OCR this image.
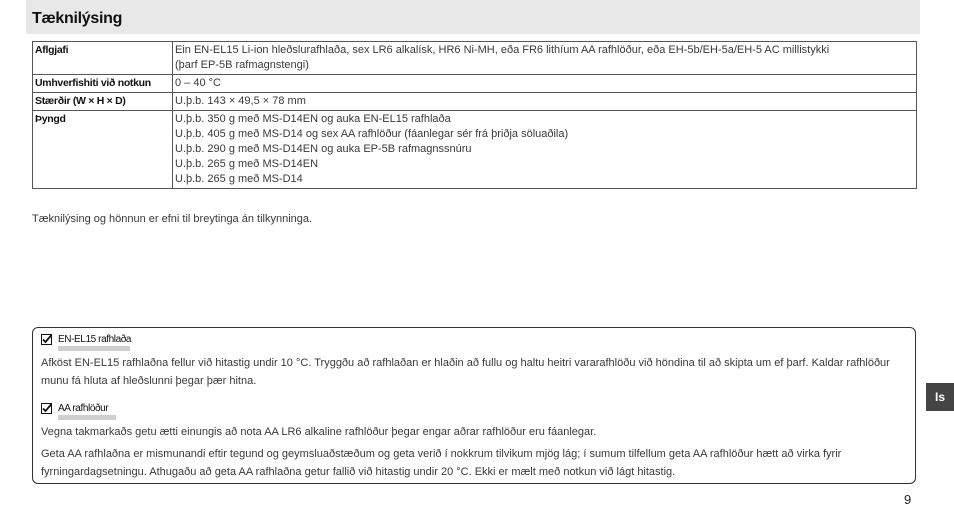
Tæknilýsing
Aflgjafi	Ein EN-EL15 Li-ion hleðslurafhlaða, sex LR6 alkalísk, HR6 Ni-MH, eða FR6 lithíum AA rafhlöður, eða EH-5b/EH-5a/EH-5 AC millistykki
(þarf EP-5B rafmagnstengi)

Umhverfishiti við notkun	0 – 40 °C

Stærðir (W × H × D)	U.þ.b. 143 × 49,5 × 78 mm

Þyngd	U.þ.b. 350 g með MS-D14EN og auka EN-EL15 rafhlaða
U.þ.b. 405 g með MS-D14 og sex AA rafhlöður (fáanlegar sér frá þriðja söluaðila)
U.þ.b. 290 g með MS-D14EN og auka EP-5B rafmagnssnúru
U.þ.b. 265 g með MS-D14EN
U.þ.b. 265 g með MS-D14
Tæknilýsing og hönnun er efni til breytinga án tilkynninga.
EN-EL15 rafhlaða
Afköst EN-EL15 rafhlaðna fellur við hitastig undir 10 °C. Tryggðu að rafhlaðan er hlaðin að fullu og haltu heitri vararafhlöðu við höndina til að skipta um ef þarf. Kaldar rafhlöður munu fá hluta af hleðslunni þegar þær hitna.
AA rafhlöður
Vegna takmarkaðs getu ætti einungis að nota AA LR6 alkaline rafhlöður þegar engar aðrar rafhlöður eru fáanlegar.
Geta AA rafhlaðna er mismunandi eftir tegund og geymsluaðstæðum og geta verið í nokkrum tilvikum mjög lág; í sumum tilfellum geta AA rafhlöður hætt að virka fyrir fyrningardagsetningu. Athugaðu að geta AA rafhlaðna getur fallið við hitastig undir 20 °C. Ekki er mælt með notkun við lágt hitastig.
Is
9
